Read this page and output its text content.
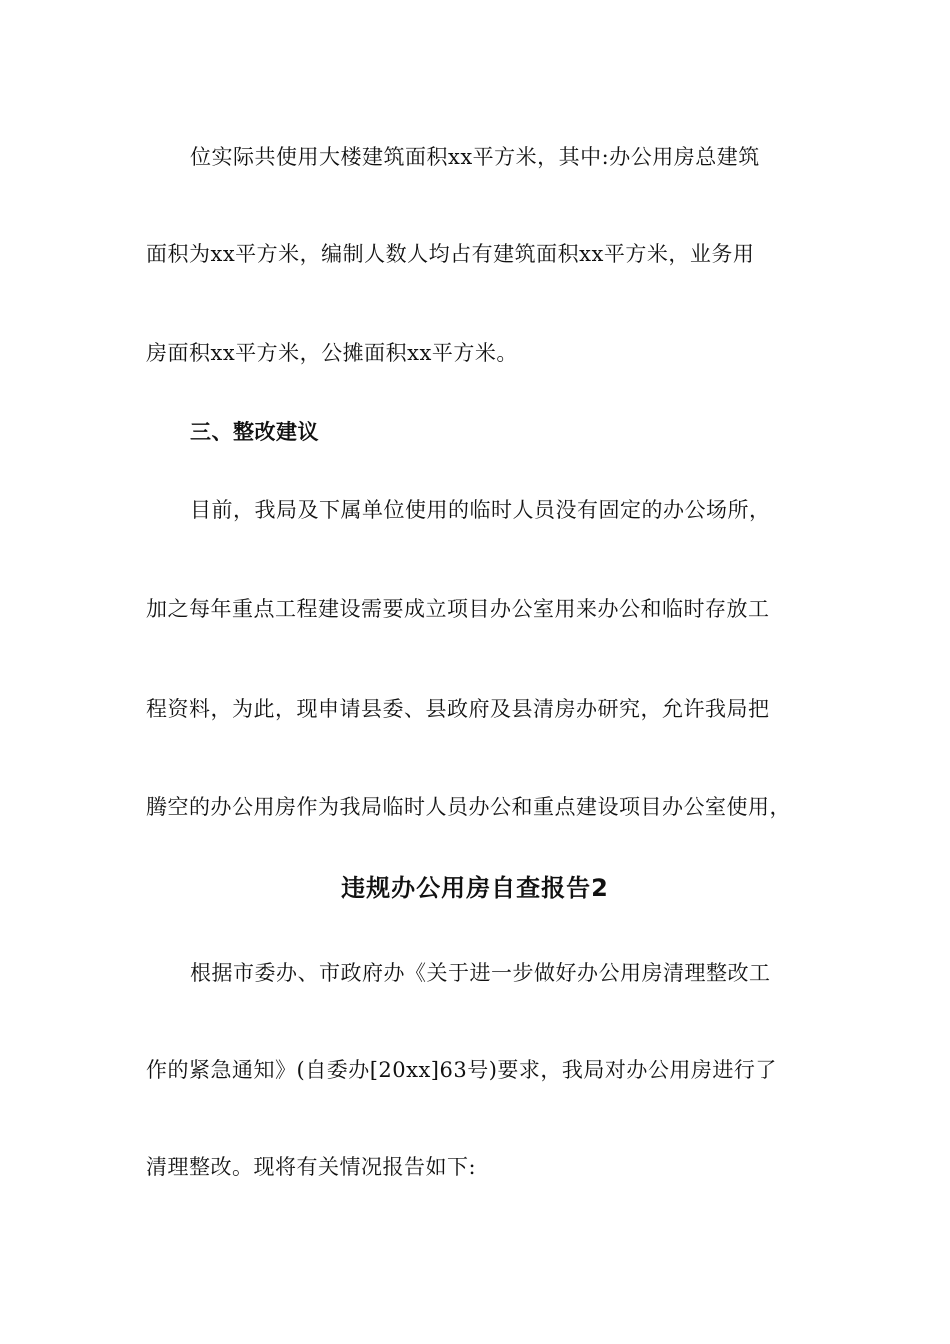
位实际共使用大楼建筑面积xx平方米，其中:办公用房总建筑
面积为xx平方米，编制人数人均占有建筑面积xx平方米，业务用
房面积xx平方米，公摊面积xx平方米。
三、整改建议
目前，我局及下属单位使用的临时人员没有固定的办公场所，
加之每年重点工程建设需要成立项目办公室用来办公和临时存放工
程资料，为此，现申请县委、县政府及县清房办研究，允许我局把
腾空的办公用房作为我局临时人员办公和重点建设项目办公室使用，
违规办公用房自查报告2
根据市委办、市政府办《关于进一步做好办公用房清理整改工
作的紧急通知》(自委办[20xx]63号)要求，我局对办公用房进行了
清理整改。现将有关情况报告如下:
